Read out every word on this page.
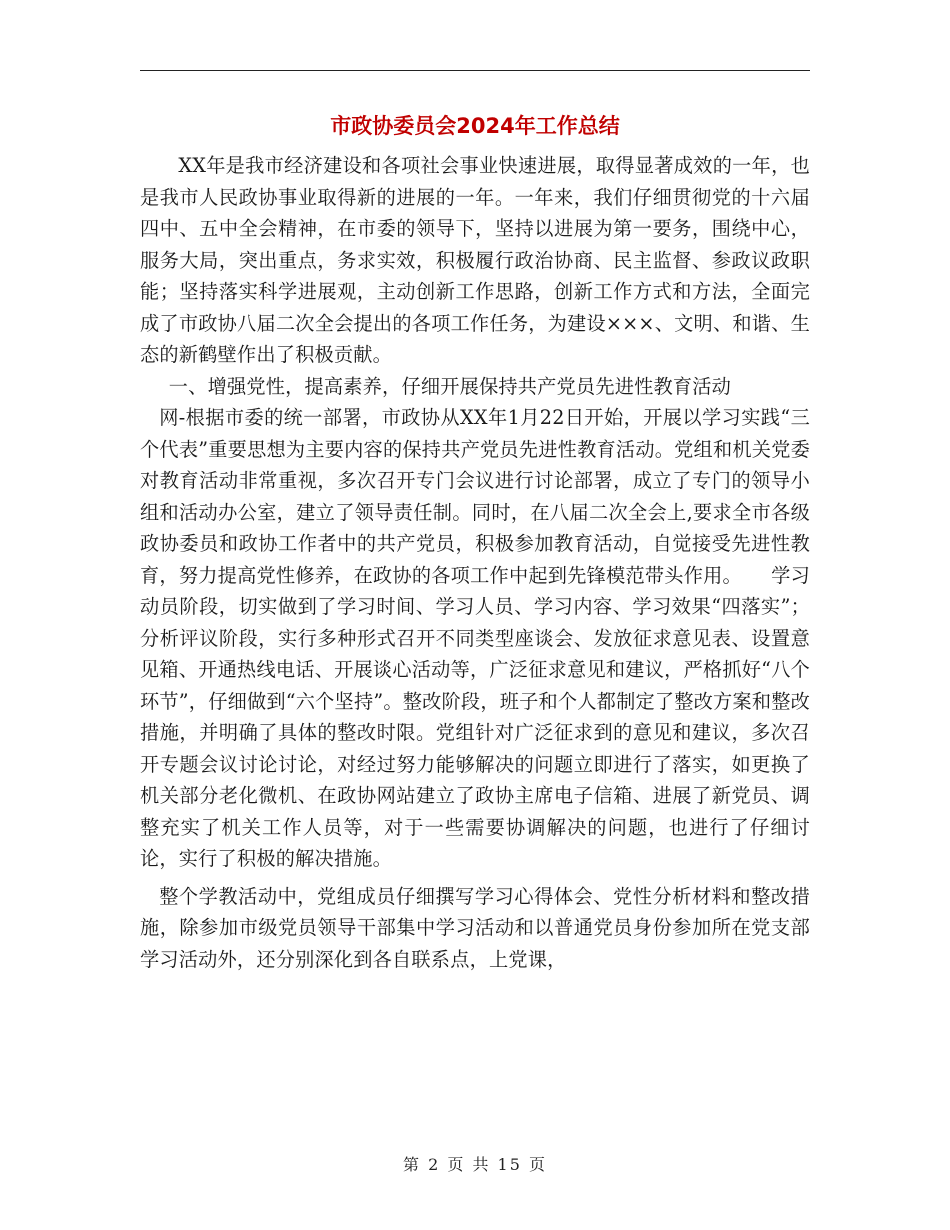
市政协委员会2024年工作总结

XX年是我市经济建设和各项社会事业快速进展，取得显著成效的一年，也是我市人民政协事业取得新的进展的一年。一年来，我们仔细贯彻党的十六届四中、五中全会精神，在市委的领导下，坚持以进展为第一要务，围绕中心，服务大局，突出重点，务求实效，积极履行政治协商、民主监督、参政议政职能；坚持落实科学进展观，主动创新工作思路，创新工作方式和方法，全面完成了市政协八届二次全会提出的各项工作任务，为建设×××、文明、和谐、生态的新鹤壁作出了积极贡献。

一、增强党性，提高素养，仔细开展保持共产党员先进性教育活动

网-根据市委的统一部署，市政协从XX年1月22日开始，开展以学习实践“三个代表”重要思想为主要内容的保持共产党员先进性教育活动。党组和机关党委对教育活动非常重视，多次召开专门会议进行讨论部署，成立了专门的领导小组和活动办公室，建立了领导责任制。同时，在八届二次全会上,要求全市各级政协委员和政协工作者中的共产党员，积极参加教育活动，自觉接受先进性教育，努力提高党性修养，在政协的各项工作中起到先锋模范带头作用。　　学习动员阶段，切实做到了学习时间、学习人员、学习内容、学习效果“四落实”；分析评议阶段，实行多种形式召开不同类型座谈会、发放征求意见表、设置意见箱、开通热线电话、开展谈心活动等，广泛征求意见和建议，严格抓好“八个环节”，仔细做到“六个坚持”。整改阶段，班子和个人都制定了整改方案和整改措施，并明确了具体的整改时限。党组针对广泛征求到的意见和建议，多次召开专题会议讨论讨论，对经过努力能够解决的问题立即进行了落实，如更换了机关部分老化微机、在政协网站建立了政协主席电子信箱、进展了新党员、调整充实了机关工作人员等，对于一些需要协调解决的问题，也进行了仔细讨论，实行了积极的解决措施。

整个学教活动中，党组成员仔细撰写学习心得体会、党性分析材料和整改措施，除参加市级党员领导干部集中学习活动和以普通党员身份参加所在党支部学习活动外，还分别深化到各自联系点，上党课，

第 2 页 共 15 页
